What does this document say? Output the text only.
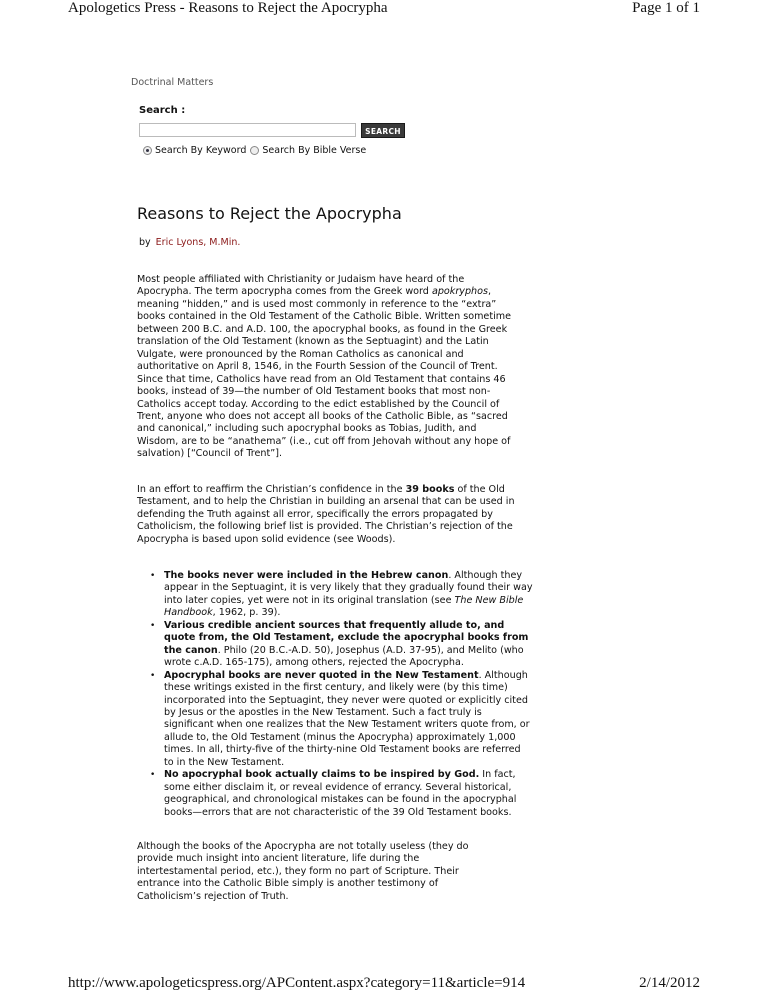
Apologetics Press - Reasons to Reject the Apocrypha	Page 1 of 1
Doctrinal Matters
Search :
SEARCH
Search By Keyword Search By Bible Verse
Reasons to Reject the Apocrypha
by Eric Lyons, M.Min.
Most people affiliated with Christianity or Judaism have heard of the Apocrypha. The term apocrypha comes from the Greek word apokryphos, meaning “hidden,” and is used most commonly in reference to the “extra” books contained in the Old Testament of the Catholic Bible. Written sometime between 200 B.C. and A.D. 100, the apocryphal books, as found in the Greek translation of the Old Testament (known as the Septuagint) and the Latin Vulgate, were pronounced by the Roman Catholics as canonical and authoritative on April 8, 1546, in the Fourth Session of the Council of Trent. Since that time, Catholics have read from an Old Testament that contains 46 books, instead of 39—the number of Old Testament books that most non-Catholics accept today. According to the edict established by the Council of Trent, anyone who does not accept all books of the Catholic Bible, as “sacred and canonical,” including such apocryphal books as Tobias, Judith, and Wisdom, are to be “anathema” (i.e., cut off from Jehovah without any hope of salvation) [“Council of Trent”].
In an effort to reaffirm the Christian’s confidence in the 39 books of the Old Testament, and to help the Christian in building an arsenal that can be used in defending the Truth against all error, specifically the errors propagated by Catholicism, the following brief list is provided. The Christian’s rejection of the Apocrypha is based upon solid evidence (see Woods).
• The books never were included in the Hebrew canon. Although they appear in the Septuagint, it is very likely that they gradually found their way into later copies, yet were not in its original translation (see The New Bible Handbook, 1962, p. 39).
• Various credible ancient sources that frequently allude to, and quote from, the Old Testament, exclude the apocryphal books from the canon. Philo (20 B.C.-A.D. 50), Josephus (A.D. 37-95), and Melito (who wrote c.A.D. 165-175), among others, rejected the Apocrypha.
• Apocryphal books are never quoted in the New Testament. Although these writings existed in the first century, and likely were (by this time) incorporated into the Septuagint, they never were quoted or explicitly cited by Jesus or the apostles in the New Testament. Such a fact truly is significant when one realizes that the New Testament writers quote from, or allude to, the Old Testament (minus the Apocrypha) approximately 1,000 times. In all, thirty-five of the thirty-nine Old Testament books are referred to in the New Testament.
• No apocryphal book actually claims to be inspired by God. In fact, some either disclaim it, or reveal evidence of errancy. Several historical, geographical, and chronological mistakes can be found in the apocryphal books—errors that are not characteristic of the 39 Old Testament books.
Although the books of the Apocrypha are not totally useless (they do provide much insight into ancient literature, life during the intertestamental period, etc.), they form no part of Scripture. Their entrance into the Catholic Bible simply is another testimony of Catholicism’s rejection of Truth.
http://www.apologeticspress.org/APContent.aspx?category=11&article=914	2/14/2012
